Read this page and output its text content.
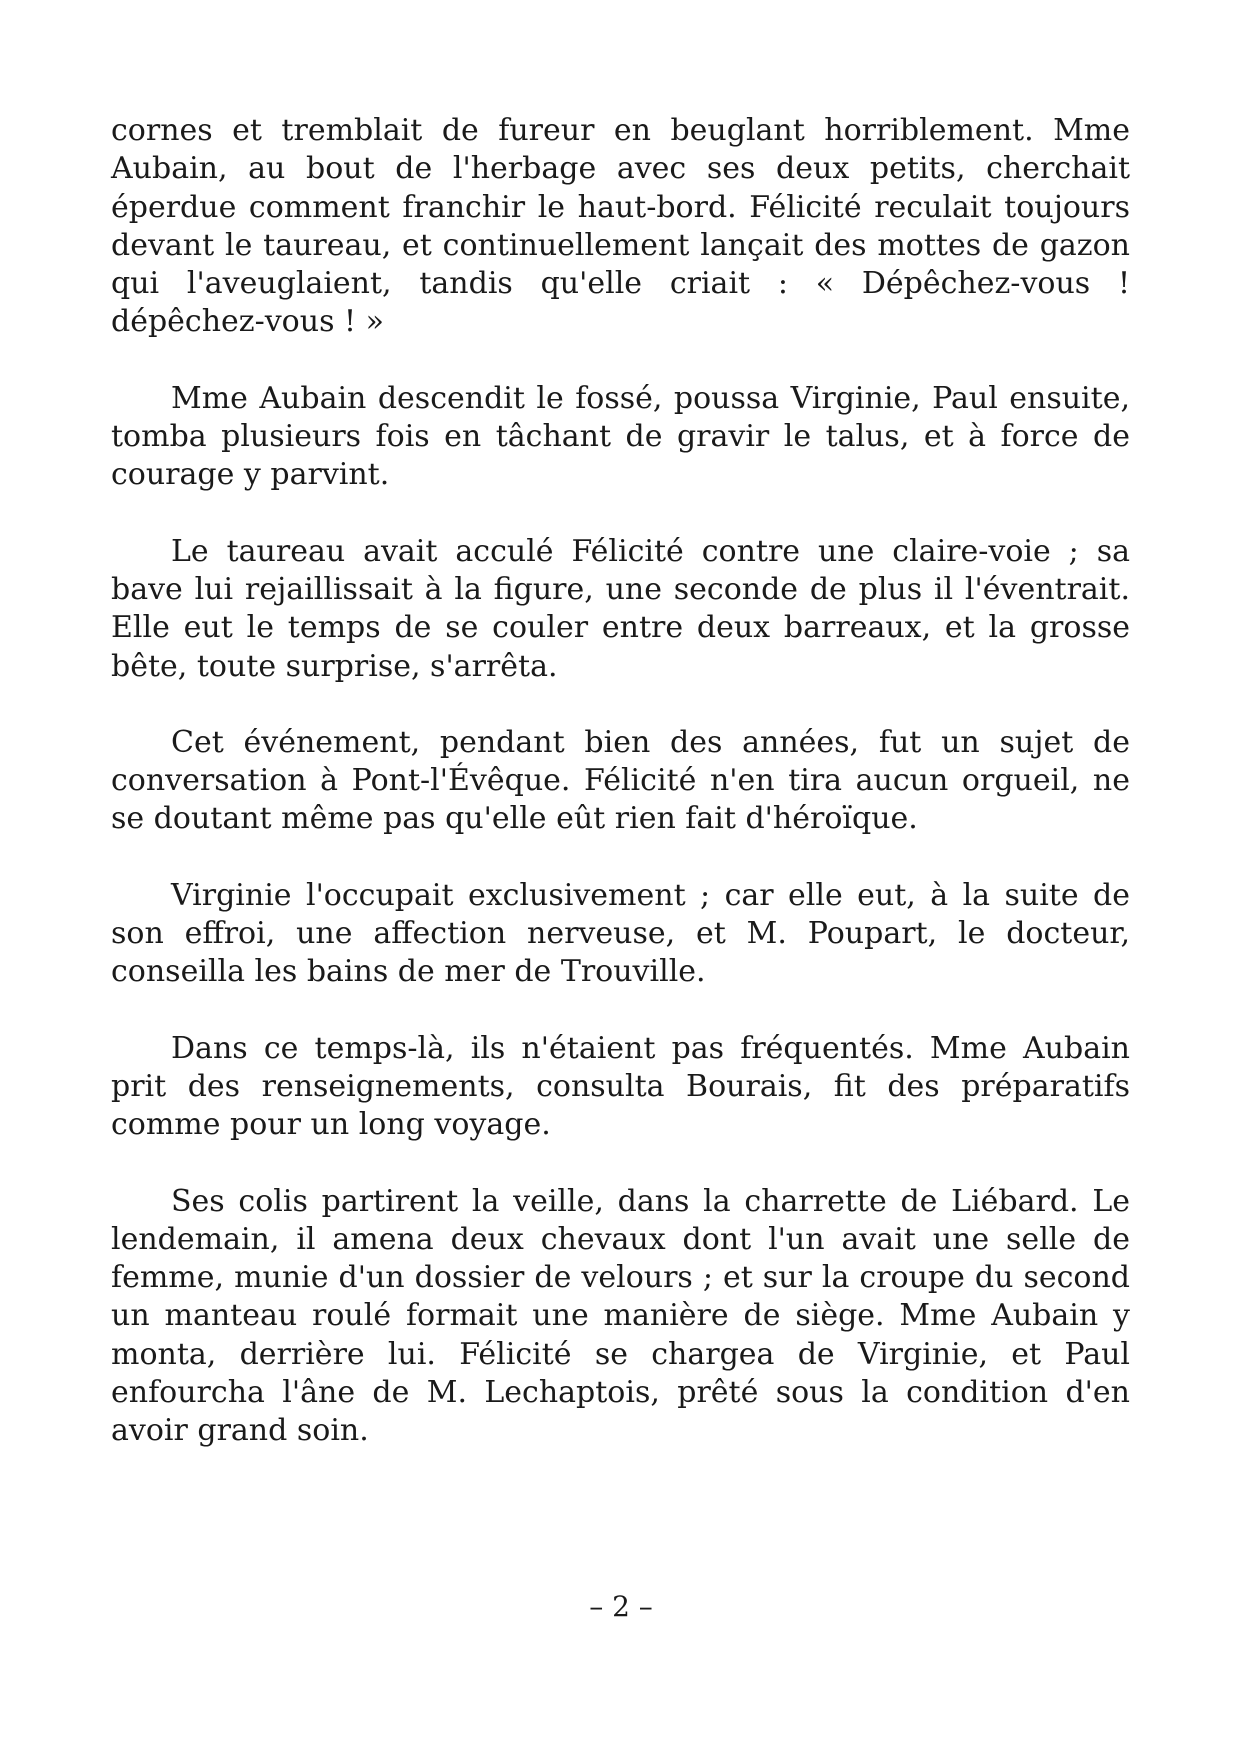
cornes et tremblait de fureur en beuglant horriblement. Mme Aubain, au bout de l'herbage avec ses deux petits, cherchait éperdue comment franchir le haut-bord. Félicité reculait toujours devant le taureau, et continuellement lançait des mottes de gazon qui l'aveuglaient, tandis qu'elle criait : « Dépêchez-vous ! dépêchez-vous ! »

Mme Aubain descendit le fossé, poussa Virginie, Paul ensuite, tomba plusieurs fois en tâchant de gravir le talus, et à force de courage y parvint.

Le taureau avait acculé Félicité contre une claire-voie ; sa bave lui rejaillissait à la figure, une seconde de plus il l'éventrait. Elle eut le temps de se couler entre deux barreaux, et la grosse bête, toute surprise, s'arrêta.

Cet événement, pendant bien des années, fut un sujet de conversation à Pont-l'Évêque. Félicité n'en tira aucun orgueil, ne se doutant même pas qu'elle eût rien fait d'héroïque.

Virginie l'occupait exclusivement ; car elle eut, à la suite de son effroi, une affection nerveuse, et M. Poupart, le docteur, conseilla les bains de mer de Trouville.

Dans ce temps-là, ils n'étaient pas fréquentés. Mme Aubain prit des renseignements, consulta Bourais, fit des préparatifs comme pour un long voyage.

Ses colis partirent la veille, dans la charrette de Liébard. Le lendemain, il amena deux chevaux dont l'un avait une selle de femme, munie d'un dossier de velours ; et sur la croupe du second un manteau roulé formait une manière de siège. Mme Aubain y monta, derrière lui. Félicité se chargea de Virginie, et Paul enfourcha l'âne de M. Lechaptois, prêté sous la condition d'en avoir grand soin.

– 2 –
